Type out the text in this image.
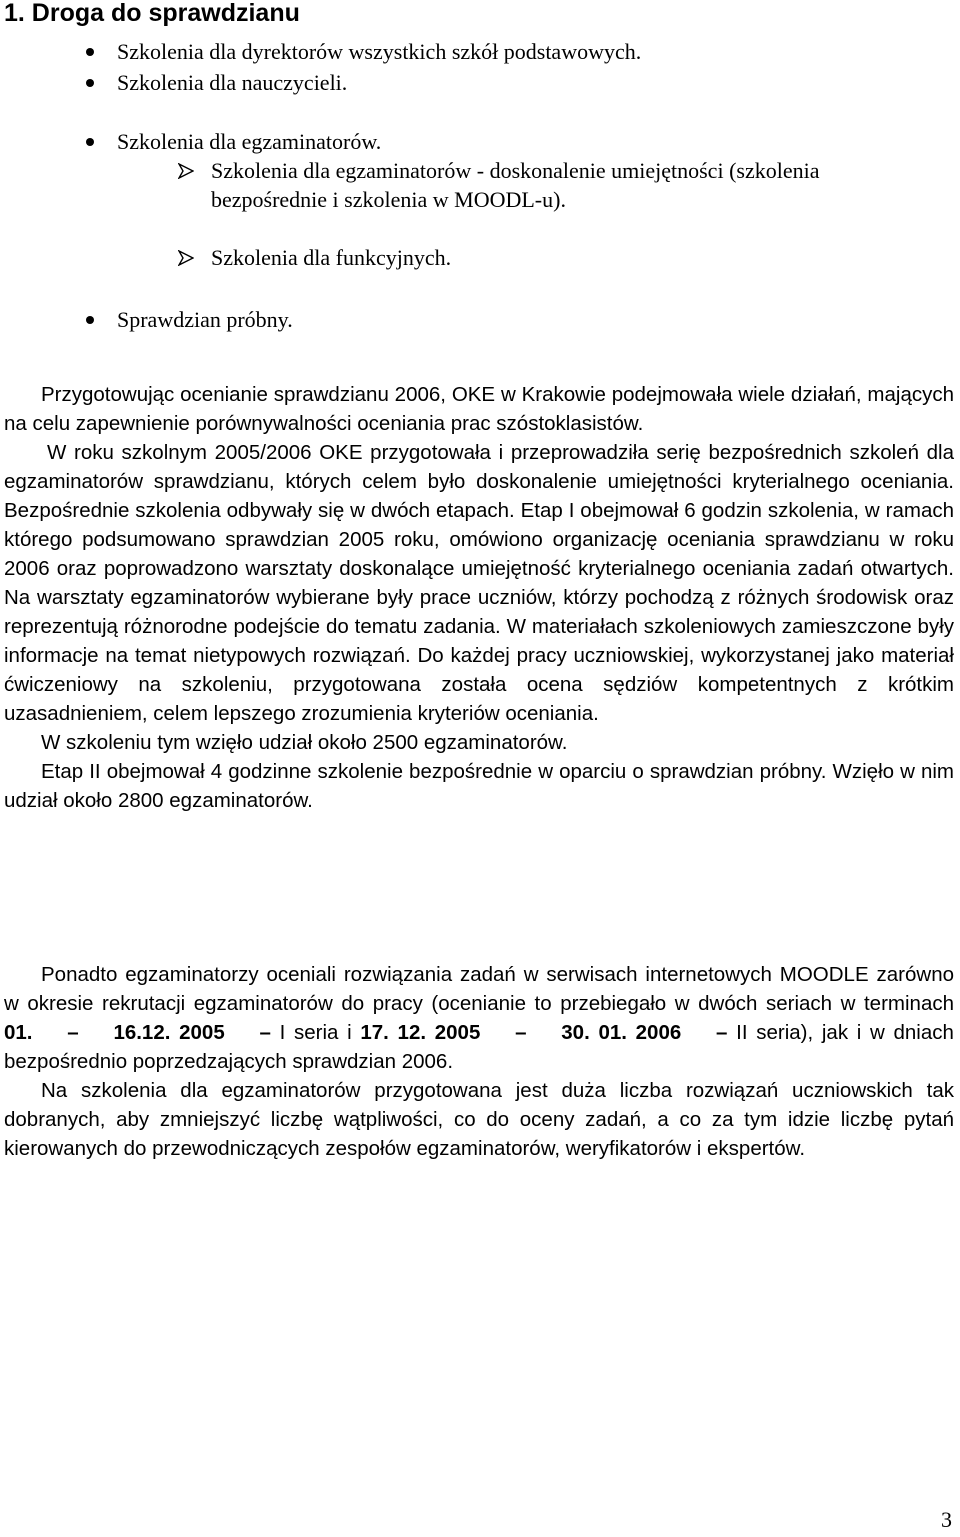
1. Droga do sprawdzianu
Szkolenia dla dyrektorów wszystkich szkół podstawowych.
Szkolenia dla nauczycieli.
Szkolenia dla egzaminatorów.
Szkolenia dla egzaminatorów - doskonalenie umiejętności (szkolenia
bezpośrednie i szkolenia w MOODL-u).
Szkolenia dla funkcyjnych.
Sprawdzian próbny.

Przygotowując ocenianie sprawdzianu 2006, OKE w Krakowie podejmowała wiele działań, mających na celu zapewnienie porównywalności oceniania prac szóstoklasistów.

W roku szkolnym 2005/2006 OKE przygotowała i przeprowadziła serię bezpośrednich szkoleń dla egzaminatorów sprawdzianu, których celem było doskonalenie umiejętności kryterialnego oceniania. Bezpośrednie szkolenia odbywały się w dwóch etapach. Etap I obejmował 6 godzin szkolenia, w ramach którego podsumowano sprawdzian 2005 roku, omówiono organizację oceniania sprawdzianu w roku 2006 oraz poprowadzono warsztaty doskonalące umiejętność kryterialnego oceniania zadań otwartych. Na warsztaty egzaminatorów wybierane były prace uczniów, którzy pochodzą z różnych środowisk oraz reprezentują różnorodne podejście do tematu zadania. W materiałach szkoleniowych zamieszczone były informacje na temat nietypowych rozwiązań. Do każdej pracy uczniowskiej, wykorzystanej jako materiał ćwiczeniowy na szkoleniu, przygotowana została ocena sędziów kompetentnych z krótkim uzasadnieniem, celem lepszego zrozumienia kryteriów oceniania.

W szkoleniu tym wzięło udział około 2500 egzaminatorów.

Etap II obejmował 4 godzinne szkolenie bezpośrednie w oparciu o sprawdzian próbny. Wzięło w nim udział około 2800 egzaminatorów.

Ponadto egzaminatorzy oceniali rozwiązania zadań w serwisach internetowych MOODLE zarówno w okresie rekrutacji egzaminatorów do pracy (ocenianie to przebiegało w dwóch seriach w terminach 01. – 16.12. 2005 – I seria i 17. 12. 2005 – 30. 01. 2006 – II seria), jak i w dniach bezpośrednio poprzedzających sprawdzian 2006.

Na szkolenia dla egzaminatorów przygotowana jest duża liczba rozwiązań uczniowskich tak dobranych, aby zmniejszyć liczbę wątpliwości, co do oceny zadań, a co za tym idzie liczbę pytań kierowanych do przewodniczących zespołów egzaminatorów, weryfikatorów i ekspertów.

3
